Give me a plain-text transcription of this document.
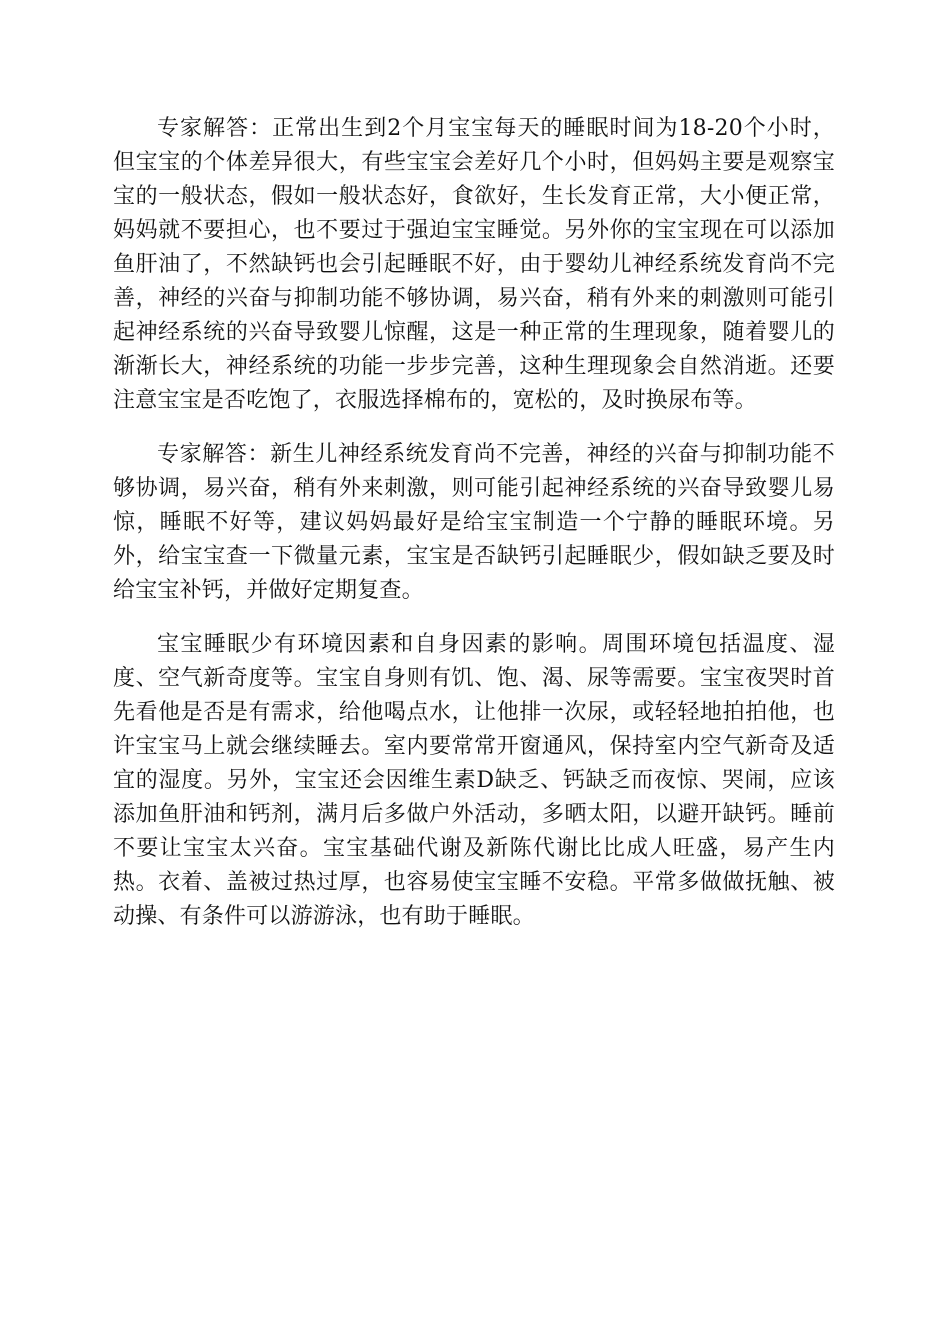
专家解答：正常出生到2个月宝宝每天的睡眠时间为18-20个小时，但宝宝的个体差异很大，有些宝宝会差好几个小时，但妈妈主要是观察宝宝的一般状态，假如一般状态好，食欲好，生长发育正常，大小便正常，妈妈就不要担心，也不要过于强迫宝宝睡觉。另外你的宝宝现在可以添加鱼肝油了，不然缺钙也会引起睡眠不好，由于婴幼儿神经系统发育尚不完善，神经的兴奋与抑制功能不够协调，易兴奋，稍有外来的刺激则可能引起神经系统的兴奋导致婴儿惊醒，这是一种正常的生理现象，随着婴儿的渐渐长大，神经系统的功能一步步完善，这种生理现象会自然消逝。还要注意宝宝是否吃饱了，衣服选择棉布的，宽松的，及时换尿布等。

专家解答：新生儿神经系统发育尚不完善，神经的兴奋与抑制功能不够协调，易兴奋，稍有外来刺激，则可能引起神经系统的兴奋导致婴儿易惊，睡眠不好等，建议妈妈最好是给宝宝制造一个宁静的睡眠环境。另外，给宝宝查一下微量元素，宝宝是否缺钙引起睡眠少，假如缺乏要及时给宝宝补钙，并做好定期复查。

宝宝睡眠少有环境因素和自身因素的影响。周围环境包括温度、湿度、空气新奇度等。宝宝自身则有饥、饱、渴、尿等需要。宝宝夜哭时首先看他是否是有需求，给他喝点水，让他排一次尿，或轻轻地拍拍他，也许宝宝马上就会继续睡去。室内要常常开窗通风，保持室内空气新奇及适宜的湿度。另外，宝宝还会因维生素D缺乏、钙缺乏而夜惊、哭闹，应该添加鱼肝油和钙剂，满月后多做户外活动，多晒太阳，以避开缺钙。睡前不要让宝宝太兴奋。宝宝基础代谢及新陈代谢比比成人旺盛，易产生内热。衣着、盖被过热过厚，也容易使宝宝睡不安稳。平常多做做抚触、被动操、有条件可以游游泳，也有助于睡眠。
